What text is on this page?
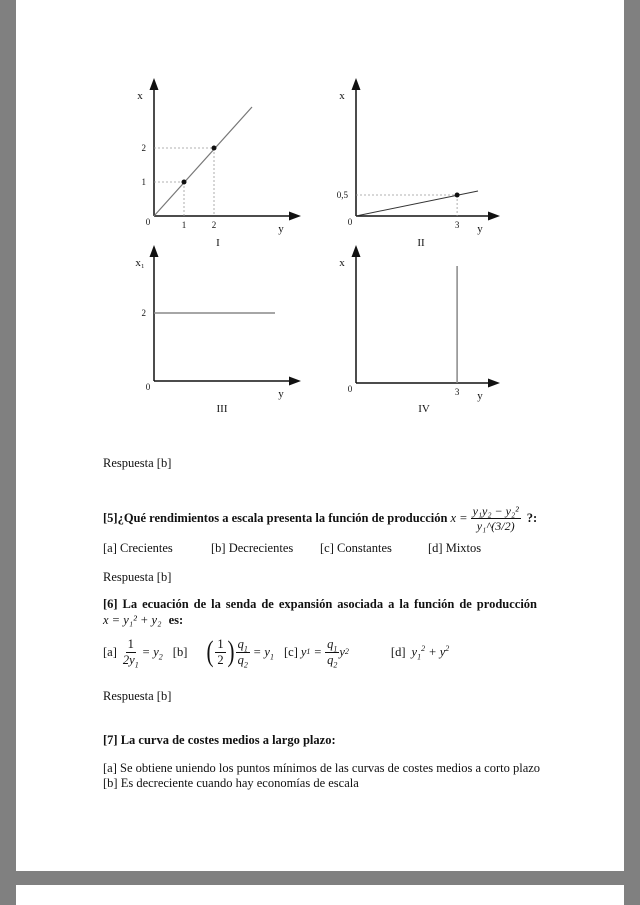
x
y
0
I
1	2
1
2
x
y
0
II
3
0,5
x₁
y
0
III
2
x
y
0
IV
3
Respuesta [b]
[5]¿Qué rendimientos a escala presenta la función de producción $x = \frac{\text{y₁y₂ − y₂²}}{\text{y₁\textasciicircum{}(3/2)}}$ ?:
[a] Crecientes	[b] Decrecientes [c] Constantes	[d] Mixtos
Respuesta [b]
[6] La ecuación de la senda de expansión asociada a la función de producción
x = y₁² + y₂ es:
$[a] \frac{1}{2y_1} = y_2$ [b] ( $\frac{1}{2}$ ) $\frac{q_1}{q_2} = y_1$ [c] y $1 = \frac{q_1}{q_2}$ y 2	[d] $y_1^2 + y^2$
Respuesta [b]
[7] La curva de costes medios a largo plazo:
[a] Se obtiene uniendo los puntos mínimos de las curvas de costes medios a corto plazo
[b] Es decreciente cuando hay economías de escala
